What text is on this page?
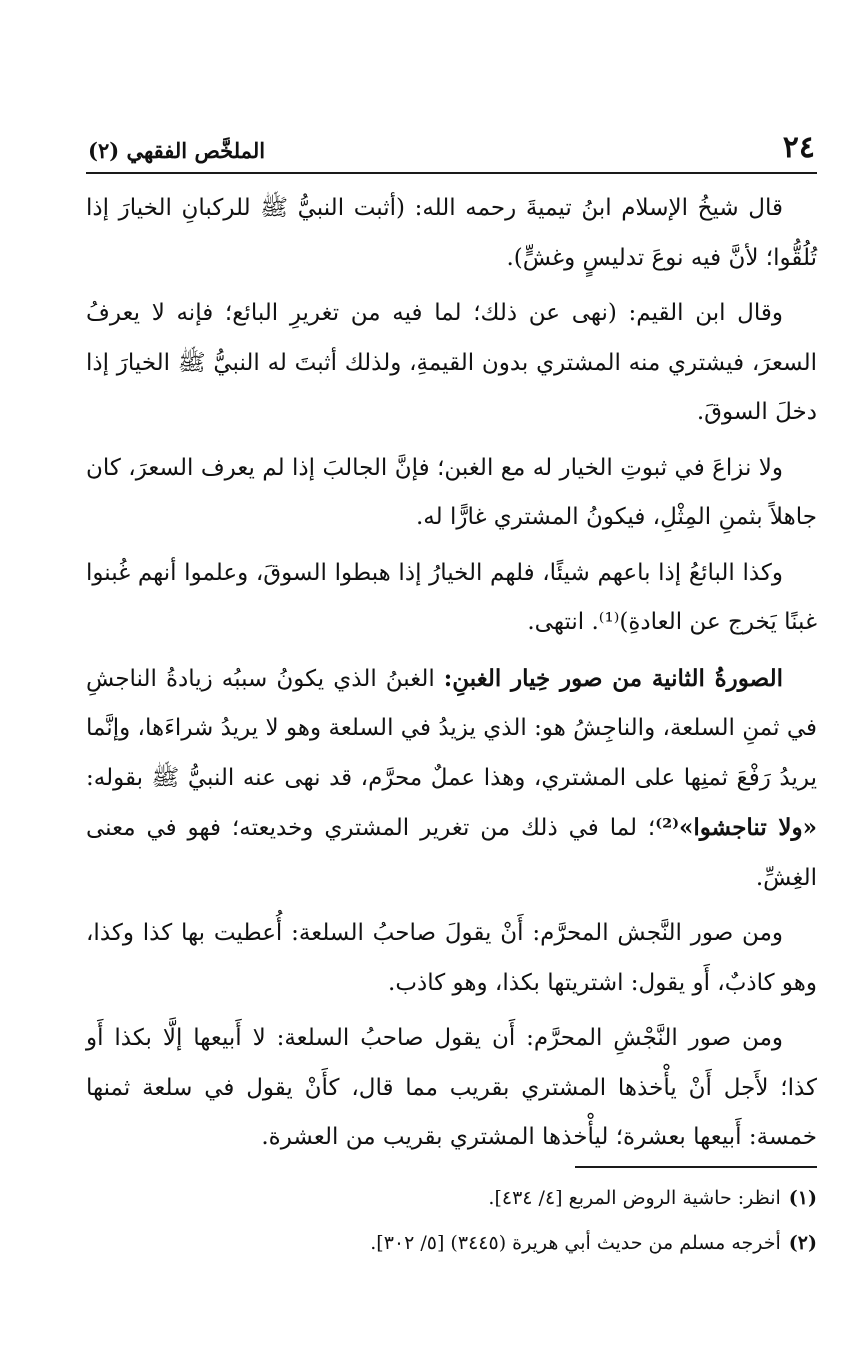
٢٤
الملخَّص الفقهي (٢)

قال شيخُ الإسلام ابنُ تيميةَ رحمه الله: (أثبت النبيُّ ﷺ للركبانِ الخيارَ إذا تُلُقُّوا؛ لأنَّ فيه نوعَ تدليسٍ وغشٍّ).

وقال ابن القيم: (نهى عن ذلك؛ لما فيه من تغريرِ البائع؛ فإنه لا يعرفُ السعرَ، فيشتري منه المشتري بدون القيمةِ، ولذلك أثبتَ له النبيُّ ﷺ الخيارَ إذا دخلَ السوقَ.

ولا نزاعَ في ثبوتِ الخيار له مع الغبن؛ فإنَّ الجالبَ إذا لم يعرف السعرَ، كان جاهلاً بثمنِ المِثْلِ، فيكونُ المشتري غارًّا له.

وكذا البائعُ إذا باعهم شيئًا، فلهم الخيارُ إذا هبطوا السوقَ، وعلموا أنهم غُبنوا غبنًا يَخرج عن العادةِ)⁽¹⁾. انتهى.

الصورةُ الثانية من صور خِيار الغبنِ: الغبنُ الذي يكونُ سببُه زيادةُ الناجشِ في ثمنِ السلعة، والناجِشُ هو: الذي يزيدُ في السلعة وهو لا يريدُ شراءَها، وإنَّما يريدُ رَفْعَ ثمنِها على المشتري، وهذا عملٌ محرَّم، قد نهى عنه النبيُّ ﷺ بقوله: «ولا تناجشوا»⁽²⁾؛ لما في ذلك من تغرير المشتري وخديعته؛ فهو في معنى الغِشِّ.

ومن صور النَّجش المحرَّم: أَنْ يقولَ صاحبُ السلعة: أُعطيت بها كذا وكذا، وهو كاذبٌ، أَو يقول: اشتريتها بكذا، وهو كاذب.

ومن صور النَّجْشِ المحرَّم: أَن يقول صاحبُ السلعة: لا أَبيعها إلَّا بكذا أَو كذا؛ لأَجل أَنْ يأْخذها المشتري بقريب مما قال، كأَنْ يقول في سلعة ثمنها خمسة: أَبيعها بعشرة؛ ليأْخذها المشتري بقريب من العشرة.

(١)انظر: حاشية الروض المربع [٤/ ٤٣٤].

(٢)أخرجه مسلم من حديث أبي هريرة (٣٤٤٥) [٥/ ٣٠٢].
